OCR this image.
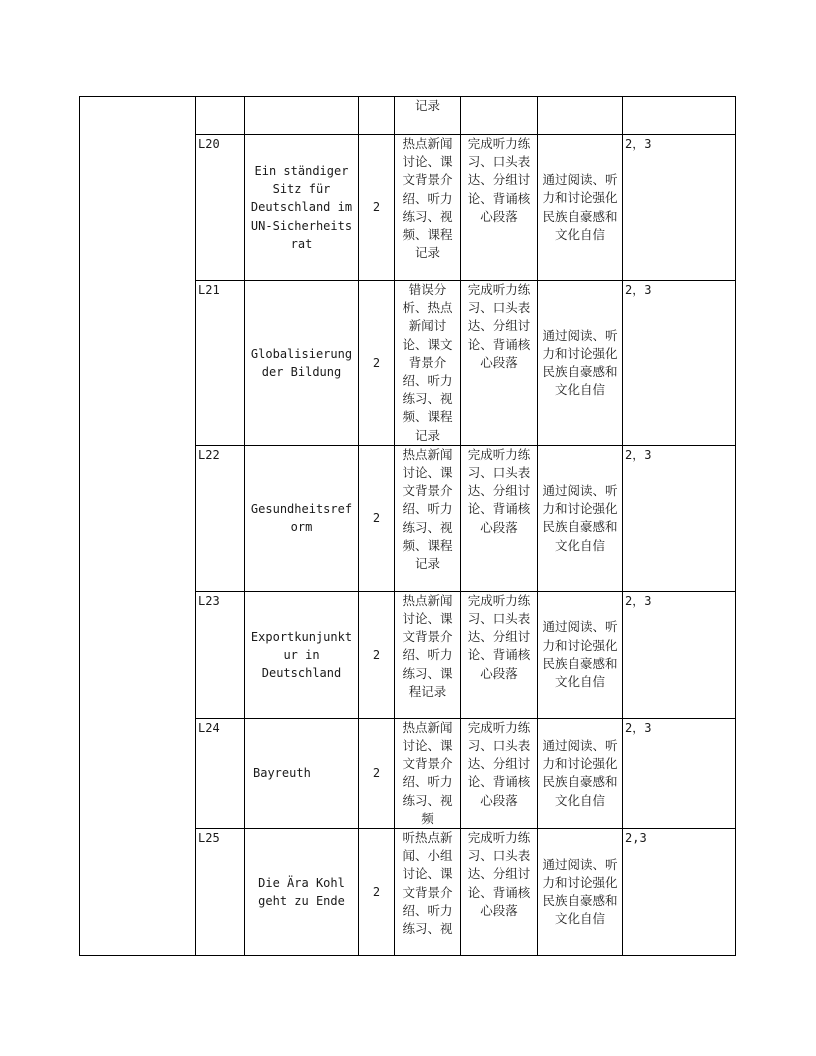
				记录			
	L20	Ein ständiger Sitz für Deutschland im UN-Sicherheits rat	2	热点新闻讨论、课文背景介绍、听力练习、视频、课程记录	完成听力练习、口头表达、分组讨论、背诵核心段落	通过阅读、听力和讨论强化民族自豪感和文化自信	2，3
	L21	Globalisierung der Bildung	2	错误分析、热点新闻讨论、课文背景介绍、听力练习、视频、课程记录	完成听力练习、口头表达、分组讨论、背诵核心段落	通过阅读、听力和讨论强化民族自豪感和文化自信	2，3
	L22	Gesundheitsref orm	2	热点新闻讨论、课文背景介绍、听力练习、视频、课程记录	完成听力练习、口头表达、分组讨论、背诵核心段落	通过阅读、听力和讨论强化民族自豪感和文化自信	2，3
	L23	Exportkunjunkt ur in Deutschland	2	热点新闻讨论、课文背景介绍、听力练习、课程记录	完成听力练习、口头表达、分组讨论、背诵核心段落	通过阅读、听力和讨论强化民族自豪感和文化自信	2，3
	L24	Bayreuth	2	热点新闻讨论、课文背景介绍、听力练习、视频	完成听力练习、口头表达、分组讨论、背诵核心段落	通过阅读、听力和讨论强化民族自豪感和文化自信	2，3
	L25	Die Ära Kohl geht zu Ende	2	听热点新闻、小组讨论、课文背景介绍、听力练习、视	完成听力练习、口头表达、分组讨论、背诵核心段落	通过阅读、听力和讨论强化民族自豪感和文化自信	2,3
